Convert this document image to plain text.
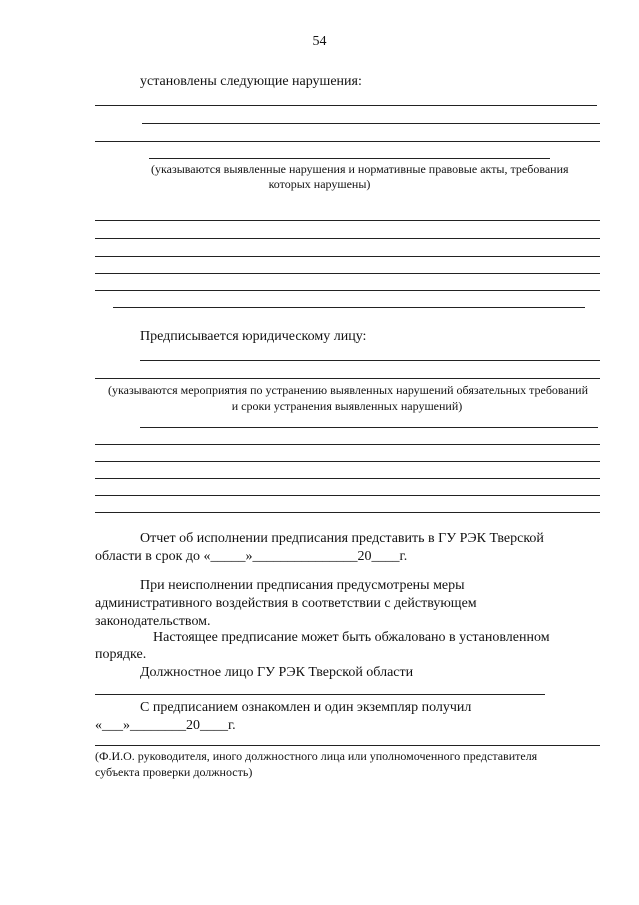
54
установлены следующие нарушения:
(указываются выявленные нарушения и нормативные правовые акты, требования
которых нарушены)
Предписывается юридическому лицу:
(указываются мероприятия по устранению выявленных нарушений обязательных требований
и сроки устранения выявленных нарушений)
Отчет об исполнении предписания представить в ГУ РЭК Тверской
области в срок до «_____»_______________20____г.
При неисполнении предписания предусмотрены меры
административного воздействия в соответствии с действующем
законодательством.
Настоящее предписание может быть обжаловано в установленном
порядке.
Должностное лицо ГУ РЭК Тверской области
С предписанием ознакомлен и один экземпляр получил
«___»________20____г.
(Ф.И.О. руководителя, иного должностного лица или уполномоченного представителя
субъекта проверки должность)
